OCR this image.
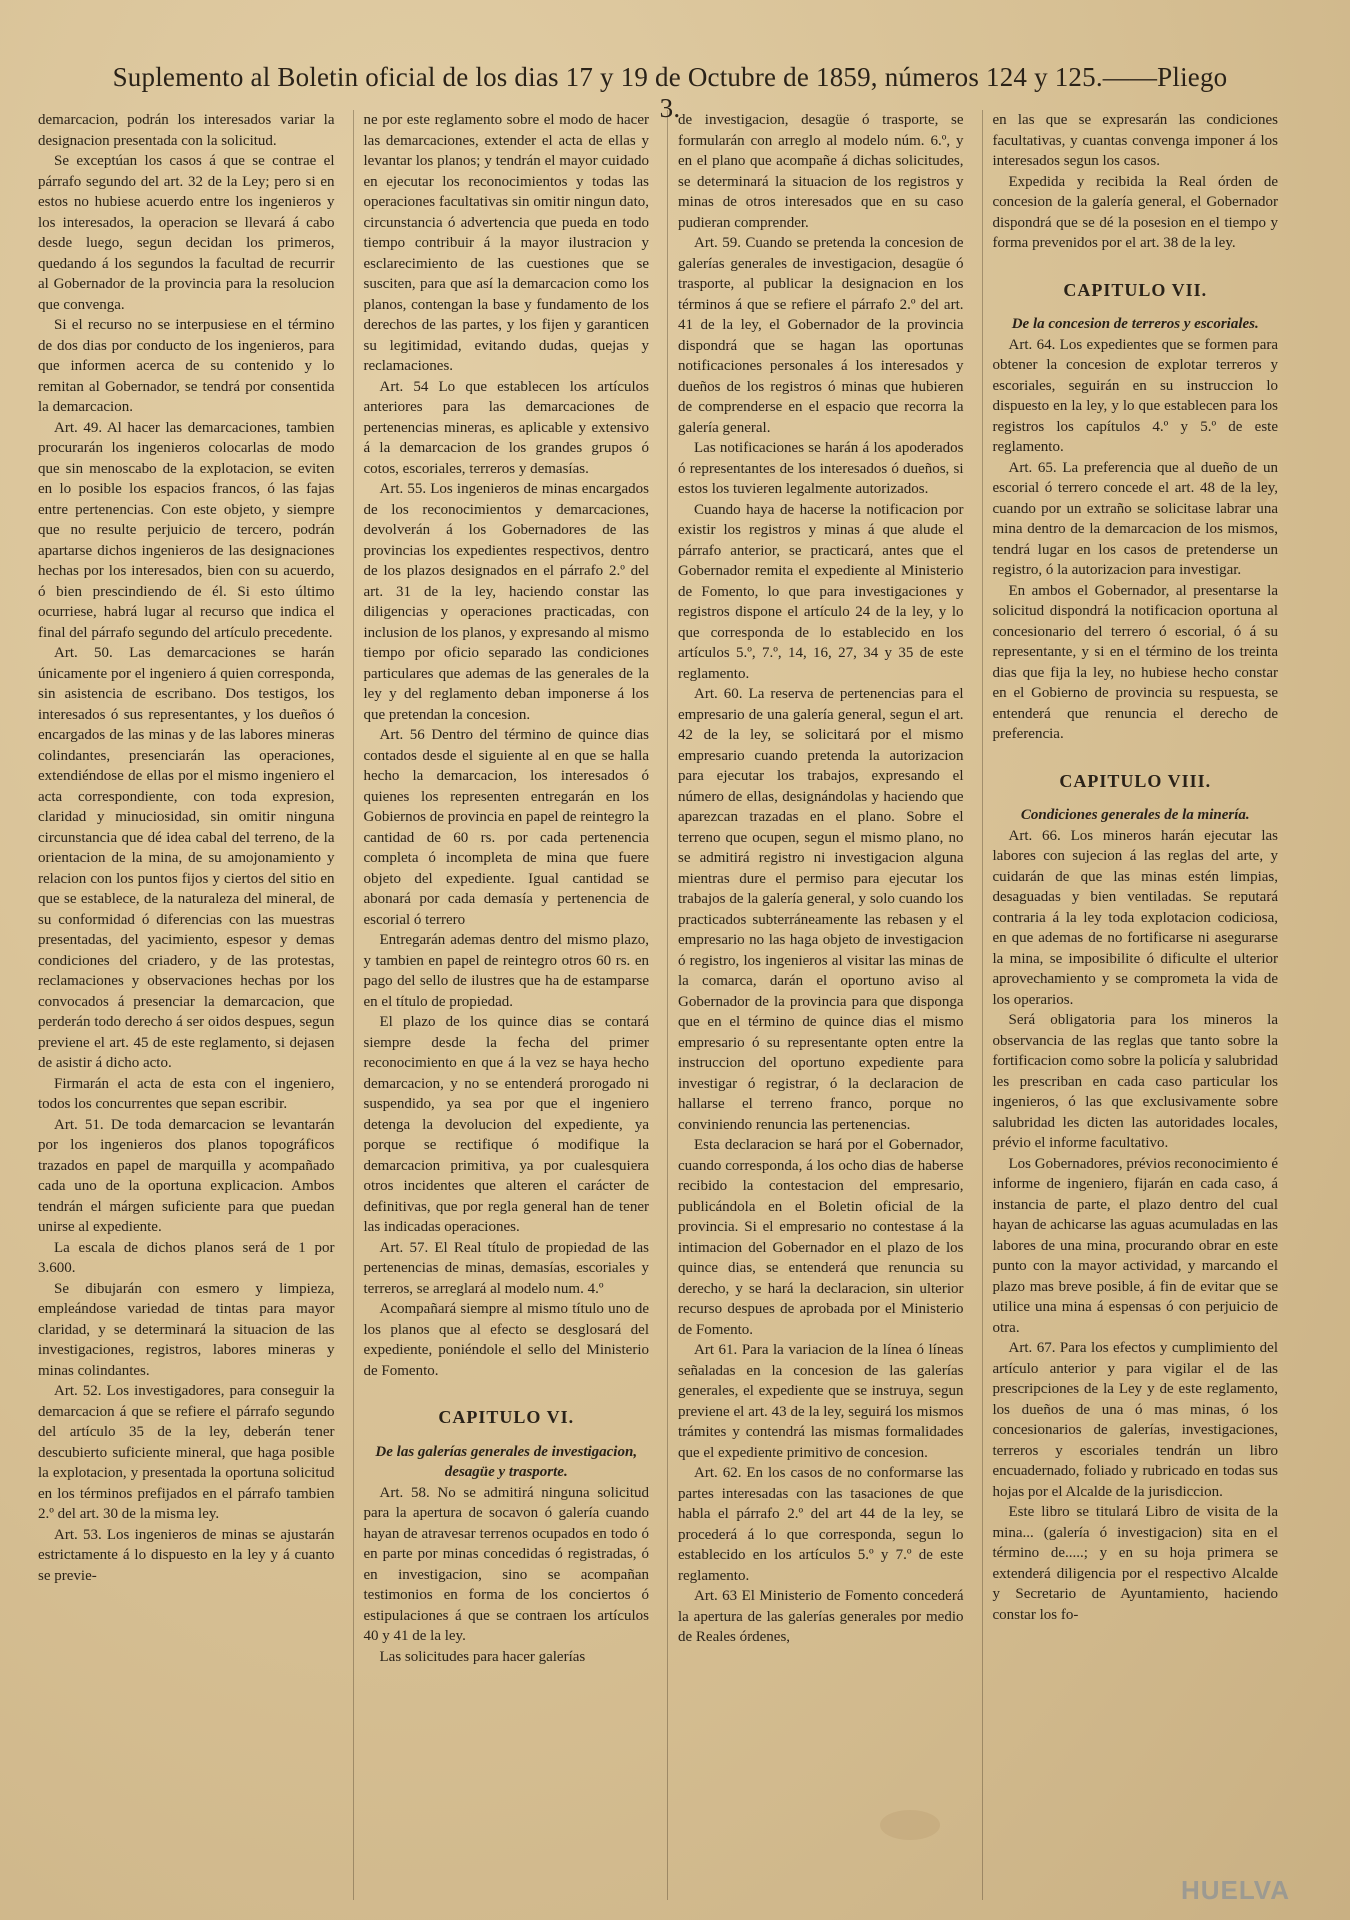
Suplemento al Boletin oficial de los dias 17 y 19 de Octubre de 1859, números 124 y 125.——Pliego 3.

demarcacion, podrán los interesados variar la designacion presentada con la solicitud.

Se exceptúan los casos á que se contrae el párrafo segundo del art. 32 de la Ley; pero si en estos no hubiese acuerdo entre los ingenieros y los interesados, la operacion se llevará á cabo desde luego, segun decidan los primeros, quedando á los segundos la facultad de recurrir al Gobernador de la provincia para la resolucion que convenga.

Si el recurso no se interpusiese en el término de dos dias por conducto de los ingenieros, para que informen acerca de su contenido y lo remitan al Gobernador, se tendrá por consentida la demarcacion.

Art. 49. Al hacer las demarcaciones, tambien procurarán los ingenieros colocarlas de modo que sin menoscabo de la explotacion, se eviten en lo posible los espacios francos, ó las fajas entre pertenencias. Con este objeto, y siempre que no resulte perjuicio de tercero, podrán apartarse dichos ingenieros de las designaciones hechas por los interesados, bien con su acuerdo, ó bien prescindiendo de él. Si esto último ocurriese, habrá lugar al recurso que indica el final del párrafo segundo del artículo precedente.

Art. 50. Las demarcaciones se harán únicamente por el ingeniero á quien corresponda, sin asistencia de escribano. Dos testigos, los interesados ó sus representantes, y los dueños ó encargados de las minas y de las labores mineras colindantes, presenciarán las operaciones, extendiéndose de ellas por el mismo ingeniero el acta correspondiente, con toda expresion, claridad y minuciosidad, sin omitir ninguna circunstancia que dé idea cabal del terreno, de la orientacion de la mina, de su amojonamiento y relacion con los puntos fijos y ciertos del sitio en que se establece, de la naturaleza del mineral, de su conformidad ó diferencias con las muestras presentadas, del yacimiento, espesor y demas condiciones del criadero, y de las protestas, reclamaciones y observaciones hechas por los convocados á presenciar la demarcacion, que perderán todo derecho á ser oidos despues, segun previene el art. 45 de este reglamento, si dejasen de asistir á dicho acto.

Firmarán el acta de esta con el ingeniero, todos los concurrentes que sepan escribir.

Art. 51. De toda demarcacion se levantarán por los ingenieros dos planos topográficos trazados en papel de marquilla y acompañado cada uno de la oportuna explicacion. Ambos tendrán el márgen suficiente para que puedan unirse al expediente.

La escala de dichos planos será de 1 por 3.600.

Se dibujarán con esmero y limpieza, empleándose variedad de tintas para mayor claridad, y se determinará la situacion de las investigaciones, registros, labores mineras y minas colindantes.

Art. 52. Los investigadores, para conseguir la demarcacion á que se refiere el párrafo segundo del artículo 35 de la ley, deberán tener descubierto suficiente mineral, que haga posible la explotacion, y presentada la oportuna solicitud en los términos prefijados en el párrafo tambien 2.º del art. 30 de la misma ley.

Art. 53. Los ingenieros de minas se ajustarán estrictamente á lo dispuesto en la ley y á cuanto se previe-

ne por este reglamento sobre el modo de hacer las demarcaciones, extender el acta de ellas y levantar los planos; y tendrán el mayor cuidado en ejecutar los reconocimientos y todas las operaciones facultativas sin omitir ningun dato, circunstancia ó advertencia que pueda en todo tiempo contribuir á la mayor ilustracion y esclarecimiento de las cuestiones que se susciten, para que así la demarcacion como los planos, contengan la base y fundamento de los derechos de las partes, y los fijen y garanticen su legitimidad, evitando dudas, quejas y reclamaciones.

Art. 54 Lo que establecen los artículos anteriores para las demarcaciones de pertenencias mineras, es aplicable y extensivo á la demarcacion de los grandes grupos ó cotos, escoriales, terreros y demasías.

Art. 55. Los ingenieros de minas encargados de los reconocimientos y demarcaciones, devolverán á los Gobernadores de las provincias los expedientes respectivos, dentro de los plazos designados en el párrafo 2.º del art. 31 de la ley, haciendo constar las diligencias y operaciones practicadas, con inclusion de los planos, y expresando al mismo tiempo por oficio separado las condiciones particulares que ademas de las generales de la ley y del reglamento deban imponerse á los que pretendan la concesion.

Art. 56 Dentro del término de quince dias contados desde el siguiente al en que se halla hecho la demarcacion, los interesados ó quienes los representen entregarán en los Gobiernos de provincia en papel de reintegro la cantidad de 60 rs. por cada pertenencia completa ó incompleta de mina que fuere objeto del expediente. Igual cantidad se abonará por cada demasía y pertenencia de escorial ó terrero

Entregarán ademas dentro del mismo plazo, y tambien en papel de reintegro otros 60 rs. en pago del sello de ilustres que ha de estamparse en el título de propiedad.

El plazo de los quince dias se contará siempre desde la fecha del primer reconocimiento en que á la vez se haya hecho demarcacion, y no se entenderá prorogado ni suspendido, ya sea por que el ingeniero detenga la devolucion del expediente, ya porque se rectifique ó modifique la demarcacion primitiva, ya por cualesquiera otros incidentes que alteren el carácter de definitivas, que por regla general han de tener las indicadas operaciones.

Art. 57. El Real título de propiedad de las pertenencias de minas, demasías, escoriales y terreros, se arreglará al modelo num. 4.º

Acompañará siempre al mismo título uno de los planos que al efecto se desglosará del expediente, poniéndole el sello del Ministerio de Fomento.

CAPITULO VI.

De las galerías generales de investigacion, desagüe y trasporte.

Art. 58. No se admitirá ninguna solicitud para la apertura de socavon ó galería cuando hayan de atravesar terrenos ocupados en todo ó en parte por minas concedidas ó registradas, ó en investigacion, sino se acompañan testimonios en forma de los conciertos ó estipulaciones á que se contraen los artículos 40 y 41 de la ley.

Las solicitudes para hacer galerías

de investigacion, desagüe ó trasporte, se formularán con arreglo al modelo núm. 6.º, y en el plano que acompañe á dichas solicitudes, se determinará la situacion de los registros y minas de otros interesados que en su caso pudieran comprender.

Art. 59. Cuando se pretenda la concesion de galerías generales de investigacion, desagüe ó trasporte, al publicar la designacion en los términos á que se refiere el párrafo 2.º del art. 41 de la ley, el Gobernador de la provincia dispondrá que se hagan las oportunas notificaciones personales á los interesados y dueños de los registros ó minas que hubieren de comprenderse en el espacio que recorra la galería general.

Las notificaciones se harán á los apoderados ó representantes de los interesados ó dueños, si estos los tuvieren legalmente autorizados.

Cuando haya de hacerse la notificacion por existir los registros y minas á que alude el párrafo anterior, se practicará, antes que el Gobernador remita el expediente al Ministerio de Fomento, lo que para investigaciones y registros dispone el artículo 24 de la ley, y lo que corresponda de lo establecido en los artículos 5.º, 7.º, 14, 16, 27, 34 y 35 de este reglamento.

Art. 60. La reserva de pertenencias para el empresario de una galería general, segun el art. 42 de la ley, se solicitará por el mismo empresario cuando pretenda la autorizacion para ejecutar los trabajos, expresando el número de ellas, designándolas y haciendo que aparezcan trazadas en el plano. Sobre el terreno que ocupen, segun el mismo plano, no se admitirá registro ni investigacion alguna mientras dure el permiso para ejecutar los trabajos de la galería general, y solo cuando los practicados subterráneamente las rebasen y el empresario no las haga objeto de investigacion ó registro, los ingenieros al visitar las minas de la comarca, darán el oportuno aviso al Gobernador de la provincia para que disponga que en el término de quince dias el mismo empresario ó su representante opten entre la instruccion del oportuno expediente para investigar ó registrar, ó la declaracion de hallarse el terreno franco, porque no conviniendo renuncia las pertenencias.

Esta declaracion se hará por el Gobernador, cuando corresponda, á los ocho dias de haberse recibido la contestacion del empresario, publicándola en el Boletin oficial de la provincia. Si el empresario no contestase á la intimacion del Gobernador en el plazo de los quince dias, se entenderá que renuncia su derecho, y se hará la declaracion, sin ulterior recurso despues de aprobada por el Ministerio de Fomento.

Art 61. Para la variacion de la línea ó líneas señaladas en la concesion de las galerías generales, el expediente que se instruya, segun previene el art. 43 de la ley, seguirá los mismos trámites y contendrá las mismas formalidades que el expediente primitivo de concesion.

Art. 62. En los casos de no conformarse las partes interesadas con las tasaciones de que habla el párrafo 2.º del art 44 de la ley, se procederá á lo que corresponda, segun lo establecido en los artículos 5.º y 7.º de este reglamento.

Art. 63 El Ministerio de Fomento concederá la apertura de las galerías generales por medio de Reales órdenes,

en las que se expresarán las condiciones facultativas, y cuantas convenga imponer á los interesados segun los casos.

Expedida y recibida la Real órden de concesion de la galería general, el Gobernador dispondrá que se dé la posesion en el tiempo y forma prevenidos por el art. 38 de la ley.

CAPITULO VII.

De la concesion de terreros y escoriales.

Art. 64. Los expedientes que se formen para obtener la concesion de explotar terreros y escoriales, seguirán en su instruccion lo dispuesto en la ley, y lo que establecen para los registros los capítulos 4.º y 5.º de este reglamento.

Art. 65. La preferencia que al dueño de un escorial ó terrero concede el art. 48 de la ley, cuando por un extraño se solicitase labrar una mina dentro de la demarcacion de los mismos, tendrá lugar en los casos de pretenderse un registro, ó la autorizacion para investigar.

En ambos el Gobernador, al presentarse la solicitud dispondrá la notificacion oportuna al concesionario del terrero ó escorial, ó á su representante, y si en el término de los treinta dias que fija la ley, no hubiese hecho constar en el Gobierno de provincia su respuesta, se entenderá que renuncia el derecho de preferencia.

CAPITULO VIII.

Condiciones generales de la minería.

Art. 66. Los mineros harán ejecutar las labores con sujecion á las reglas del arte, y cuidarán de que las minas estén limpias, desaguadas y bien ventiladas. Se reputará contraria á la ley toda explotacion codiciosa, en que ademas de no fortificarse ni asegurarse la mina, se imposibilite ó dificulte el ulterior aprovechamiento y se comprometa la vida de los operarios.

Será obligatoria para los mineros la observancia de las reglas que tanto sobre la fortificacion como sobre la policía y salubridad les prescriban en cada caso particular los ingenieros, ó las que exclusivamente sobre salubridad les dicten las autoridades locales, prévio el informe facultativo.

Los Gobernadores, prévios reconocimiento é informe de ingeniero, fijarán en cada caso, á instancia de parte, el plazo dentro del cual hayan de achicarse las aguas acumuladas en las labores de una mina, procurando obrar en este punto con la mayor actividad, y marcando el plazo mas breve posible, á fin de evitar que se utilice una mina á espensas ó con perjuicio de otra.

Art. 67. Para los efectos y cumplimiento del artículo anterior y para vigilar el de las prescripciones de la Ley y de este reglamento, los dueños de una ó mas minas, ó los concesionarios de galerías, investigaciones, terreros y escoriales tendrán un libro encuadernado, foliado y rubricado en todas sus hojas por el Alcalde de la jurisdiccion.

Este libro se titulará Libro de visita de la mina... (galería ó investigacion) sita en el término de.....; y en su hoja primera se extenderá diligencia por el respectivo Alcalde y Secretario de Ayuntamiento, haciendo constar los fo-

HUELVA
